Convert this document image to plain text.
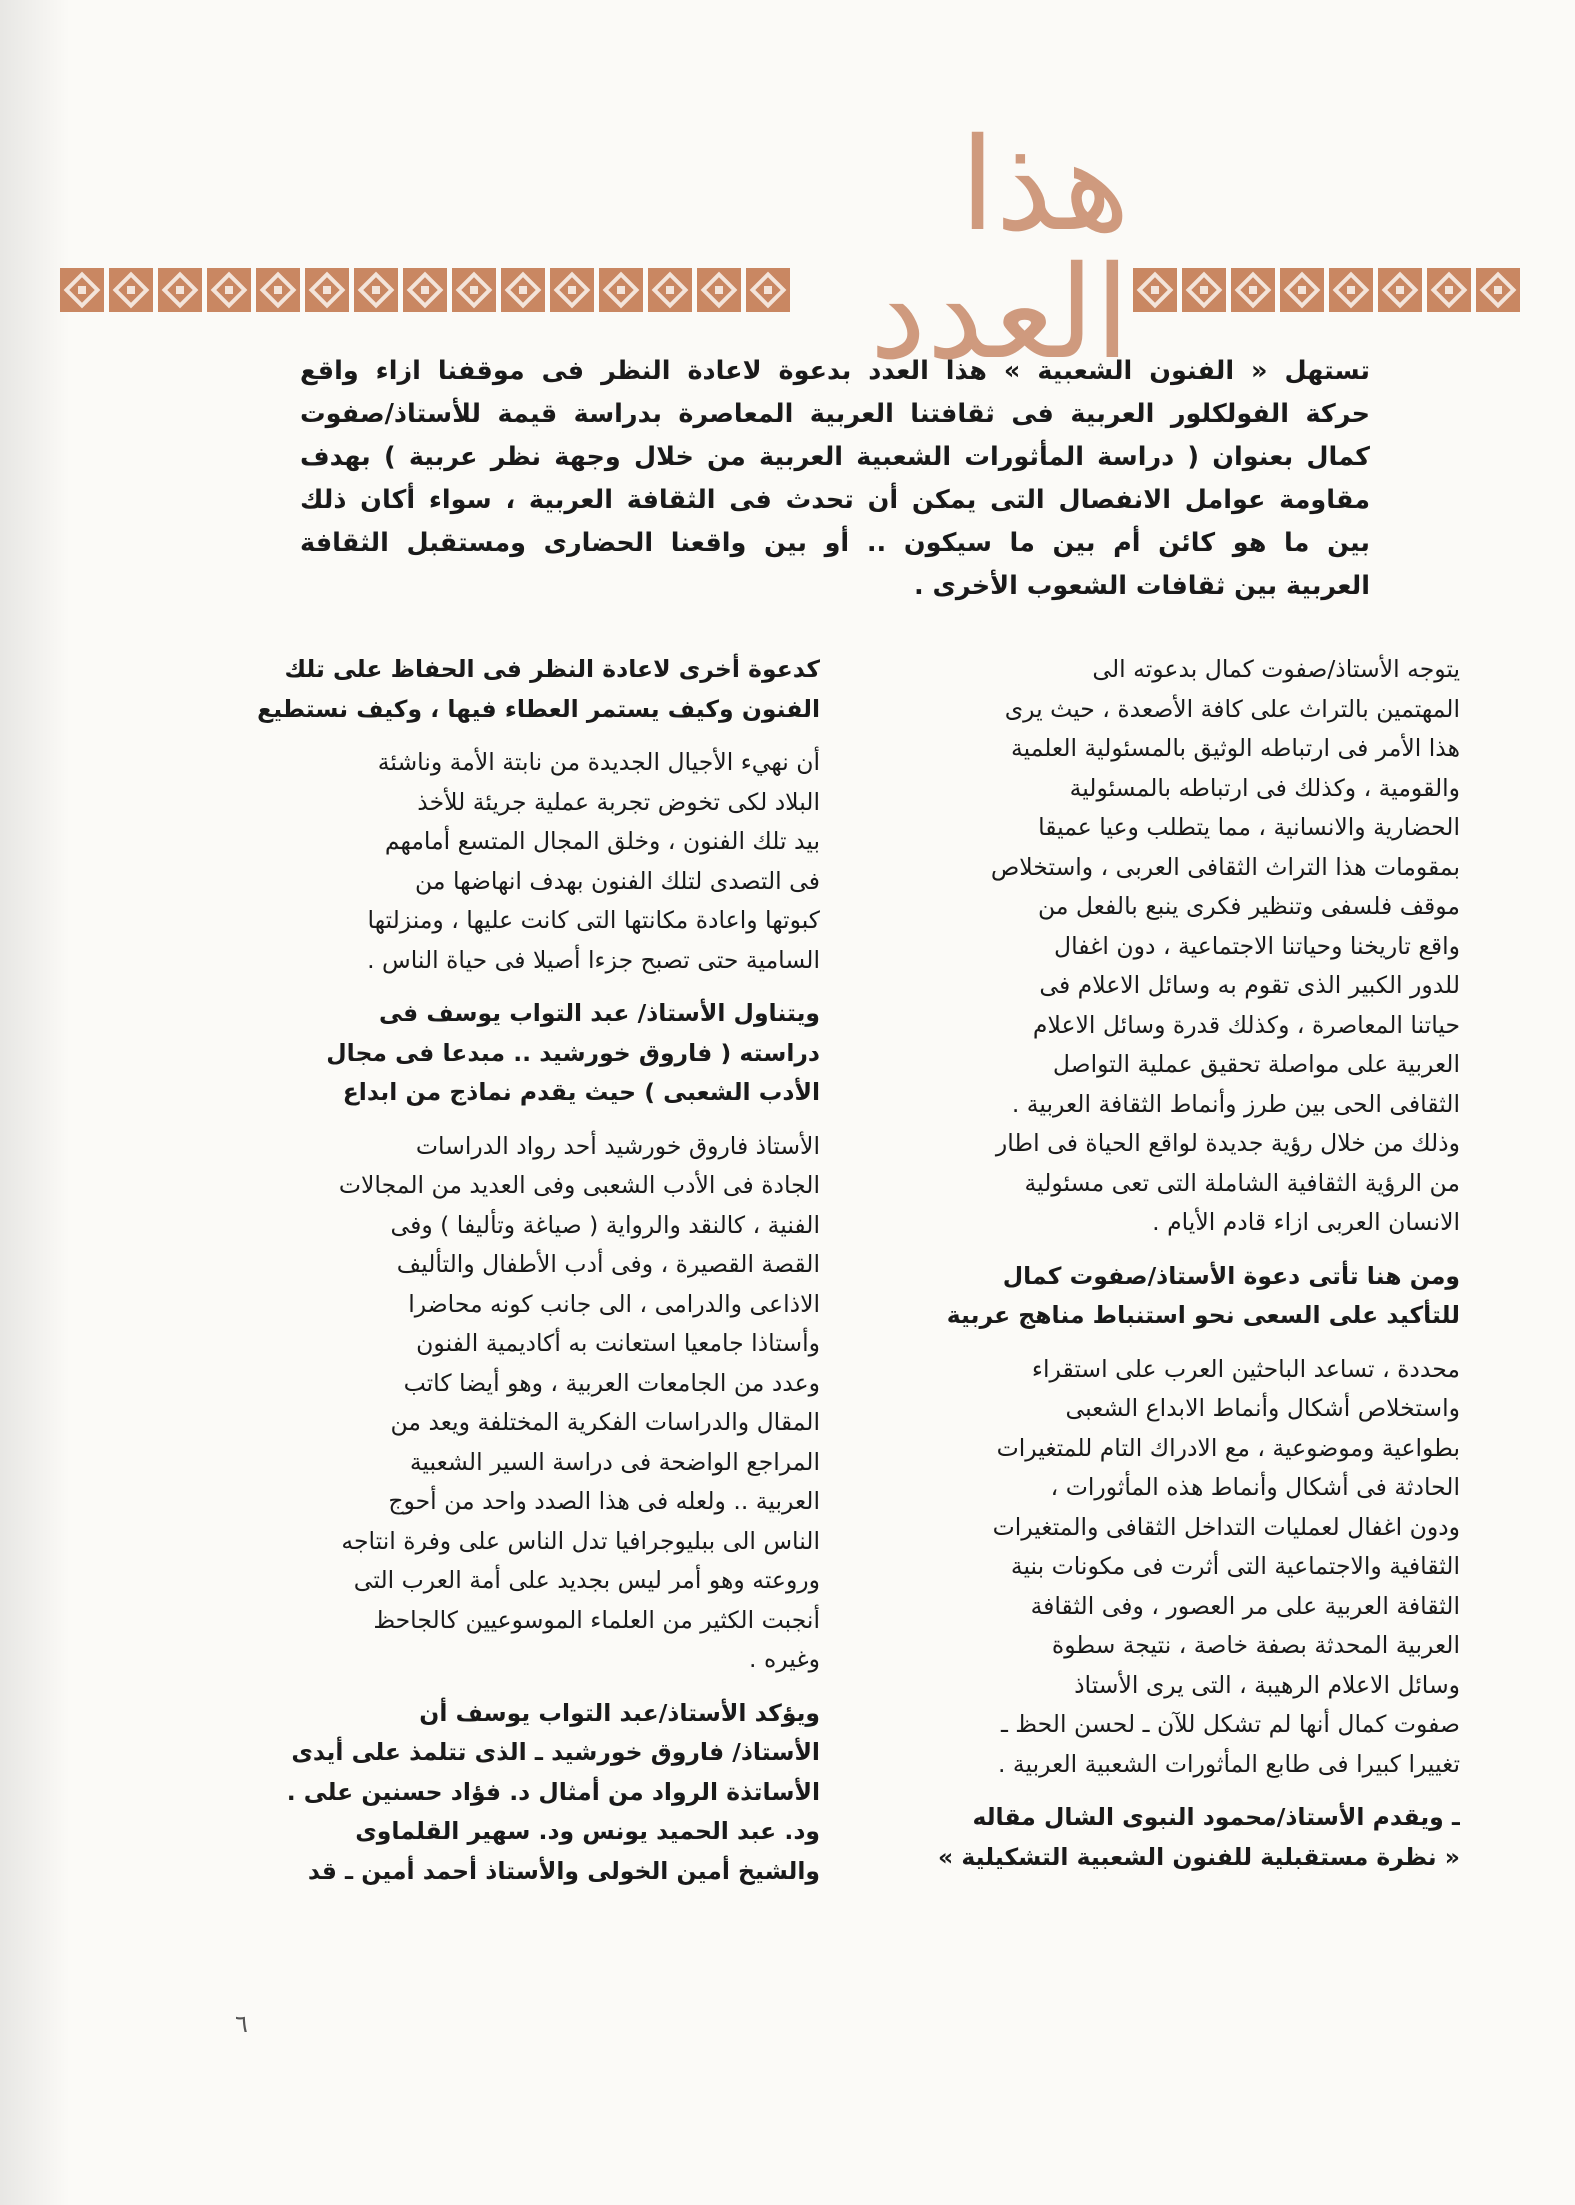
هذا العدد
تستهل « الفنون الشعبية » هذا العدد بدعوة لاعادة النظر فى موقفنا ازاء واقع
حركة الفولكلور العربية فى ثقافتنا العربية المعاصرة بدراسة قيمة للأستاذ/صفوت
كمال بعنوان ( دراسة المأثورات الشعبية العربية من خلال وجهة نظر عربية ) بهدف
مقاومة عوامل الانفصال التى يمكن أن تحدث فى الثقافة العربية ، سواء أكان ذلك
بين ما هو كائن أم بين ما سيكون .. أو بين واقعنا الحضارى ومستقبل الثقافة
العربية بين ثقافات الشعوب الأخرى .
يتوجه الأستاذ/صفوت كمال بدعوته الى
المهتمين بالتراث على كافة الأصعدة ، حيث يرى
هذا الأمر فى ارتباطه الوثيق بالمسئولية العلمية
والقومية ، وكذلك فى ارتباطه بالمسئولية
الحضارية والانسانية ، مما يتطلب وعيا عميقا
بمقومات هذا التراث الثقافى العربى ، واستخلاص
موقف فلسفى وتنظير فكرى ينبع بالفعل من
واقع تاريخنا وحياتنا الاجتماعية ، دون اغفال
للدور الكبير الذى تقوم به وسائل الاعلام فى
حياتنا المعاصرة ، وكذلك قدرة وسائل الاعلام
العربية على مواصلة تحقيق عملية التواصل
الثقافى الحى بين طرز وأنماط الثقافة العربية .
وذلك من خلال رؤية جديدة لواقع الحياة فى اطار
من الرؤية الثقافية الشاملة التى تعى مسئولية
الانسان العربى ازاء قادم الأيام .
ومن هنا تأتى دعوة الأستاذ/صفوت كمال
للتأكيد على السعى نحو استنباط مناهج عربية
محددة ، تساعد الباحثين العرب على استقراء
واستخلاص أشكال وأنماط الابداع الشعبى
بطواعية وموضوعية ، مع الادراك التام للمتغيرات
الحادثة فى أشكال وأنماط هذه المأثورات ،
ودون اغفال لعمليات التداخل الثقافى والمتغيرات
الثقافية والاجتماعية التى أثرت فى مكونات بنية
الثقافة العربية على مر العصور ، وفى الثقافة
العربية المحدثة بصفة خاصة ، نتيجة سطوة
وسائل الاعلام الرهيبة ، التى يرى الأستاذ
صفوت كمال أنها لم تشكل للآن ـ لحسن الحظ ـ
تغييرا كبيرا فى طابع المأثورات الشعبية العربية .
ـ ويقدم الأستاذ/محمود النبوى الشال مقاله
« نظرة مستقبلية للفنون الشعبية التشكيلية »
كدعوة أخرى لاعادة النظر فى الحفاظ على تلك
الفنون وكيف يستمر العطاء فيها ، وكيف نستطيع
أن نهيء الأجيال الجديدة من نابتة الأمة وناشئة
البلاد لكى تخوض تجربة عملية جريئة للأخذ
بيد تلك الفنون ، وخلق المجال المتسع أمامهم
فى التصدى لتلك الفنون بهدف انهاضها من
كبوتها واعادة مكانتها التى كانت عليها ، ومنزلتها
السامية حتى تصبح جزءا أصيلا فى حياة الناس .
ويتناول الأستاذ/ عبد التواب يوسف فى
دراسته ( فاروق خورشيد .. مبدعا فى مجال
الأدب الشعبى ) حيث يقدم نماذج من ابداع
الأستاذ فاروق خورشيد أحد رواد الدراسات
الجادة فى الأدب الشعبى وفى العديد من المجالات
الفنية ، كالنقد والرواية ( صياغة وتأليفا ) وفى
القصة القصيرة ، وفى أدب الأطفال والتأليف
الاذاعى والدرامى ، الى جانب كونه محاضرا
وأستاذا جامعيا استعانت به أكاديمية الفنون
وعدد من الجامعات العربية ، وهو أيضا كاتب
المقال والدراسات الفكرية المختلفة ويعد من
المراجع الواضحة فى دراسة السير الشعبية
العربية .. ولعله فى هذا الصدد واحد من أحوج
الناس الى ببليوجرافيا تدل الناس على وفرة انتاجه
وروعته وهو أمر ليس بجديد على أمة العرب التى
أنجبت الكثير من العلماء الموسوعيين كالجاحظ
وغيره .
ويؤكد الأستاذ/عبد التواب يوسف أن
الأستاذ/ فاروق خورشيد ـ الذى تتلمذ على أيدى
الأساتذة الرواد من أمثال د. فؤاد حسنين على .
ود. عبد الحميد يونس ود. سهير القلماوى
والشيخ أمين الخولى والأستاذ أحمد أمين ـ قد
٦
